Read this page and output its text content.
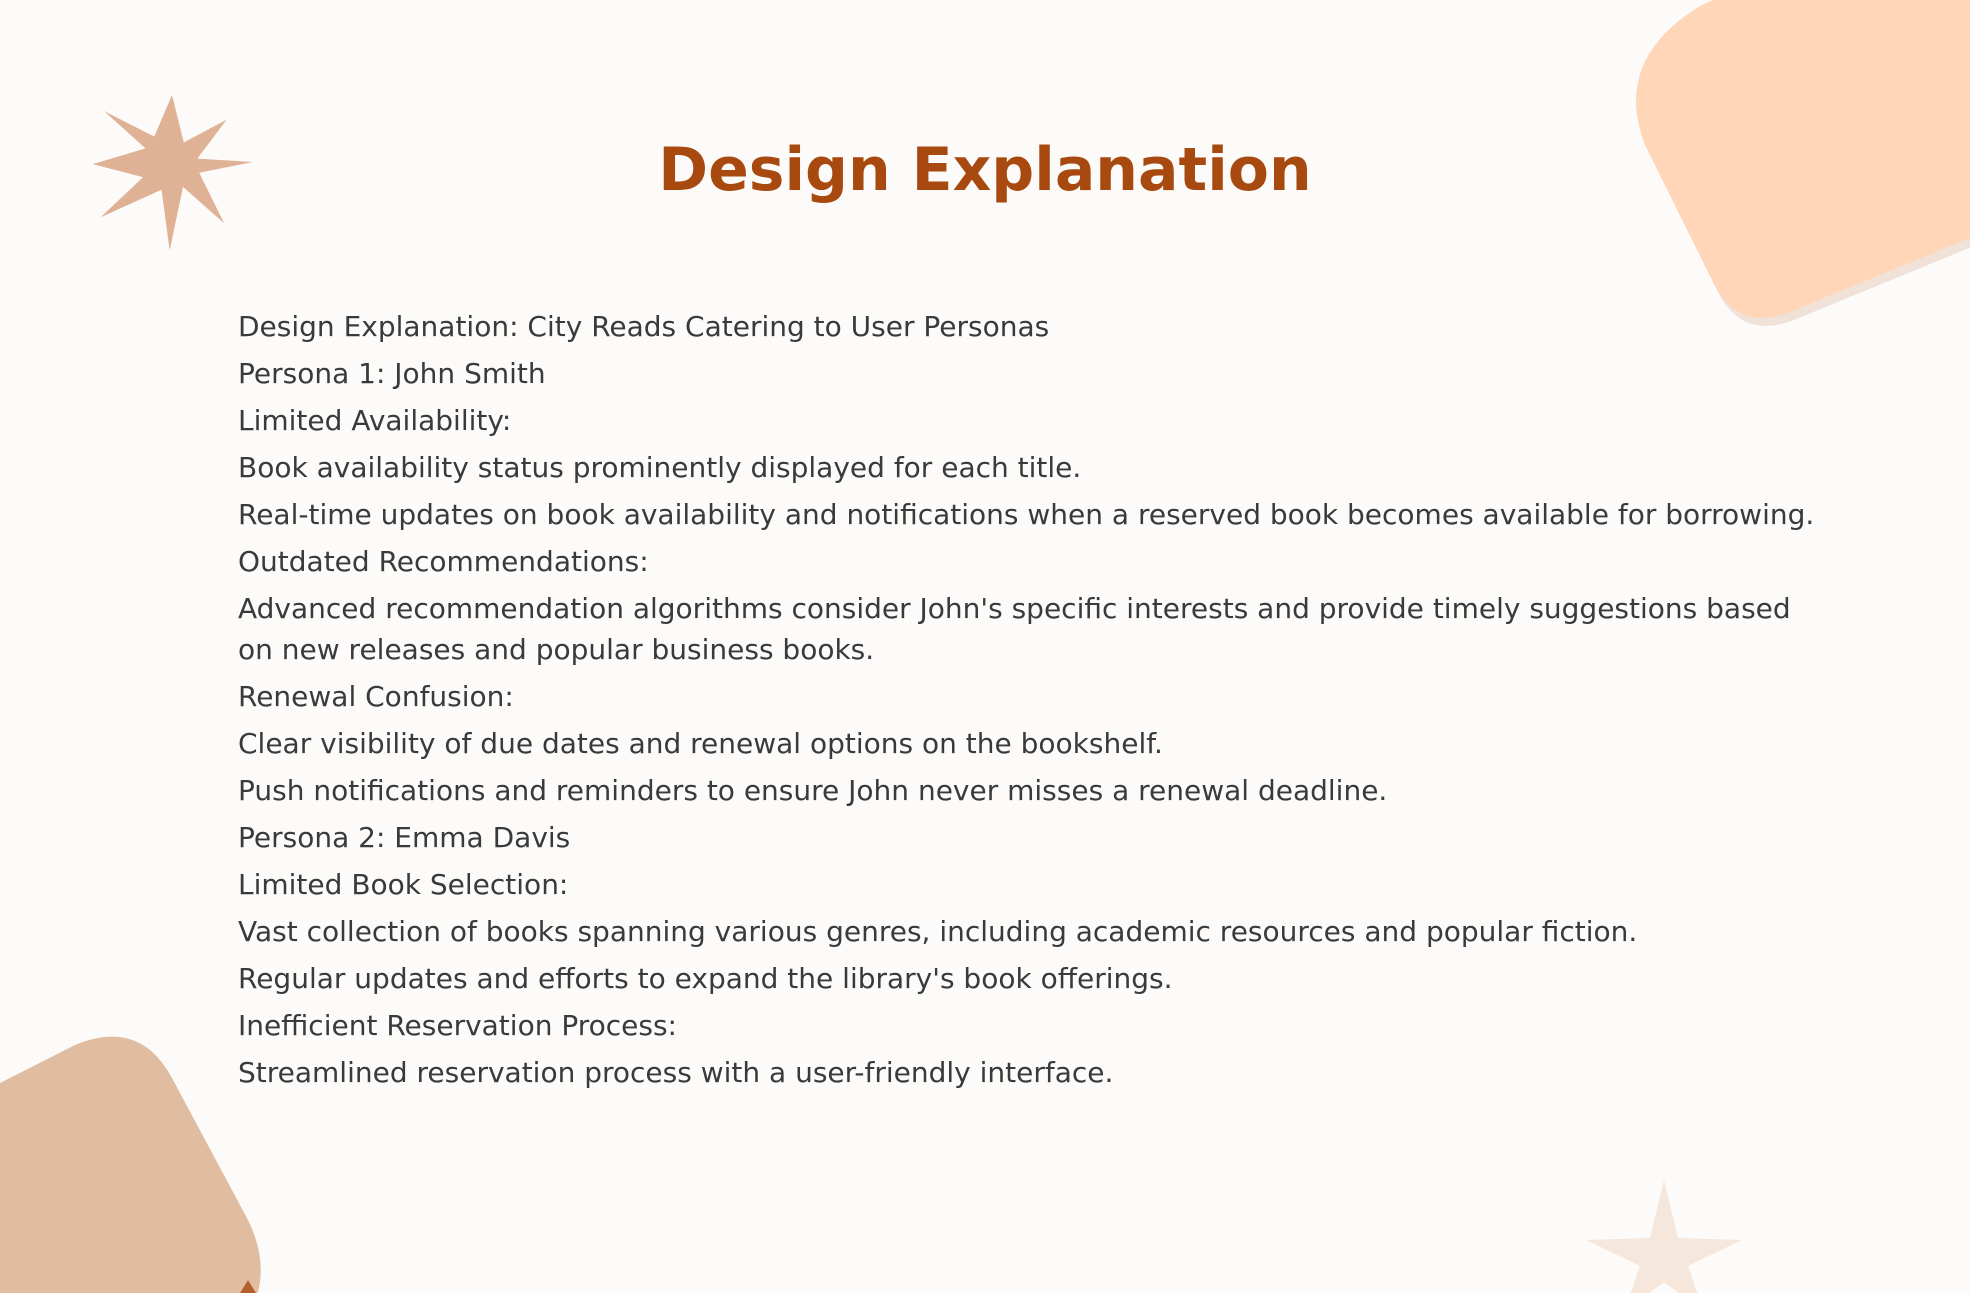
Design Explanation

Design Explanation: City Reads Catering to User Personas

Persona 1: John Smith

Limited Availability:

Book availability status prominently displayed for each title.

Real-time updates on book availability and notifications when a reserved book becomes available for borrowing.

Outdated Recommendations:

Advanced recommendation algorithms consider John's specific interests and provide timely suggestions based on new releases and popular business books.

Renewal Confusion:

Clear visibility of due dates and renewal options on the bookshelf.

Push notifications and reminders to ensure John never misses a renewal deadline.

Persona 2: Emma Davis

Limited Book Selection:

Vast collection of books spanning various genres, including academic resources and popular fiction.

Regular updates and efforts to expand the library's book offerings.

Inefficient Reservation Process:

Streamlined reservation process with a user-friendly interface.
